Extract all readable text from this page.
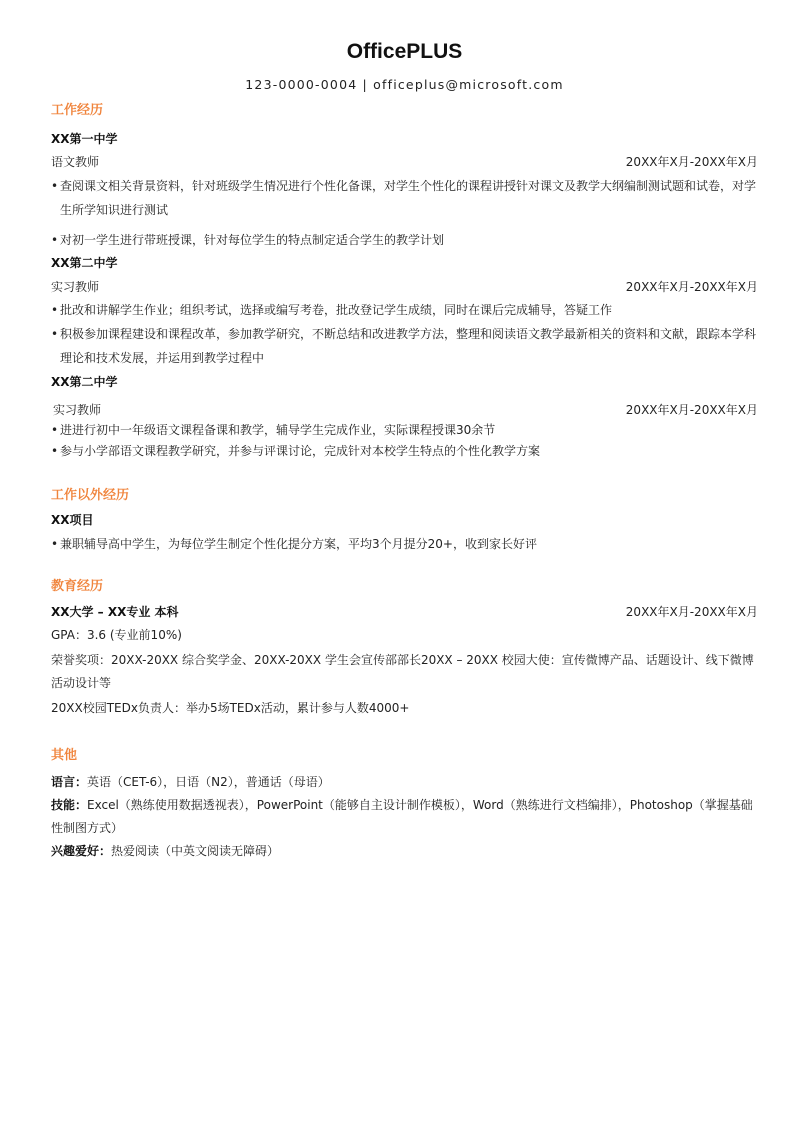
OfficePLUS
123-0000-0004 | officeplus@microsoft.com
工作经历
XX第一中学
语文教师	20XX年X月-20XX年X月
• 查阅课文相关背景资料，针对班级学生情况进行个性化备课，对学生个性化的课程讲授针对课文及教学大纲编制测试题和试卷，对学生所学知识进行测试
• 对初一学生进行带班授课，针对每位学生的特点制定适合学生的教学计划
XX第二中学
实习教师	20XX年X月-20XX年X月
• 批改和讲解学生作业；组织考试，选择或编写考卷，批改登记学生成绩，同时在课后完成辅导，答疑工作
• 积极参加课程建设和课程改革，参加教学研究，不断总结和改进教学方法，整理和阅读语文教学最新相关的资料和文献，跟踪本学科理论和技术发展，并运用到教学过程中
XX第二中学
实习教师	20XX年X月-20XX年X月
• 进进行初中一年级语文课程备课和教学，辅导学生完成作业，实际课程授课30余节
• 参与小学部语文课程教学研究，并参与评课讨论，完成针对本校学生特点的个性化教学方案
工作以外经历
XX项目
• 兼职辅导高中学生，为每位学生制定个性化提分方案，平均3个月提分20+，收到家长好评
教育经历
XX大学 – XX专业 本科	20XX年X月-20XX年X月
GPA：3.6 (专业前10%)
荣誉奖项：20XX-20XX 综合奖学金、20XX-20XX 学生会宣传部部长20XX – 20XX 校园大使：宣传微博产品、话题设计、线下微博活动设计等
20XX校园TEDx负责人：举办5场TEDx活动，累计参与人数4000+
其他
语言：英语（CET-6），日语（N2），普通话（母语）
技能：Excel（熟练使用数据透视表），PowerPoint（能够自主设计制作模板），Word（熟练进行文档编排），Photoshop（掌握基础性制图方式）
兴趣爱好：热爱阅读（中英文阅读无障碍）
